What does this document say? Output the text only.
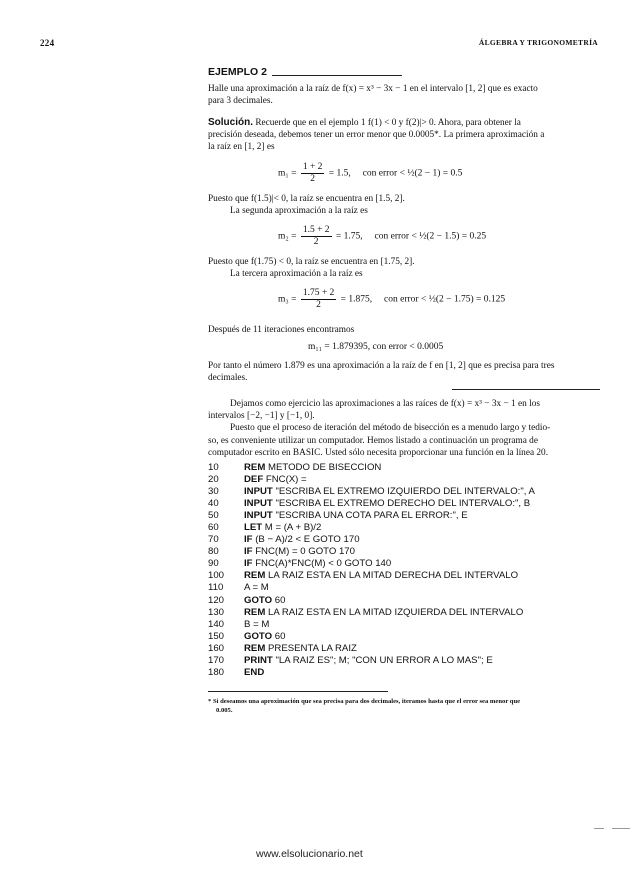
224	ÁLGEBRA Y TRIGONOMETRÍA
EJEMPLO 2
Halle una aproximación a la raíz de f(x) = x³ − 3x − 1 en el intervalo [1, 2] que es exacto
para 3 decimales.
Solución. Recuerde que en el ejemplo 1 f(1) < 0 y f(2)|> 0. Ahora, para obtener la
precisión deseada, debemos tener un error menor que 0.0005*. La primera aproximación a
la raíz en [1, 2] es
$m_1 = \frac{1 + 2}{2} = 1.5$, con error < ½(2 − 1) = 0.5
Puesto que f(1.5)|< 0, la raíz se encuentra en [1.5, 2].
La segunda aproximación a la raíz es
$m_2 = \frac{1.5 + 2}{2} = 1.75$, con error < ½(2 − 1.5) = 0.25
Puesto que f(1.75) < 0, la raíz se encuentra en [1.75, 2].
La tercera aproximación a la raíz es
$m_3 = \frac{1.75 + 2}{2} = 1.875$, con error < ½(2 − 1.75) = 0.125
Después de 11 iteraciones encontramos
m₁₁ = 1.879395, con error < 0.0005
Por tanto el número 1.879 es una aproximación a la raíz de f en [1, 2] que es precisa para tres
decimales.
Dejamos como ejercicio las aproximaciones a las raíces de f(x) = x³ − 3x − 1 en los
intervalos [−2, −1] y [−1, 0].
Puesto que el proceso de iteración del método de bisección es a menudo largo y tedio-
so, es conveniente utilizar un computador. Hemos listado a continuación un programa de
computador escrito en BASIC. Usted sólo necesita proporcionar una función en la línea 20.
10	REM METODO DE BISECCION
20	DEF FNC(X) =
30	INPUT "ESCRIBA EL EXTREMO IZQUIERDO DEL INTERVALO:", A
40	INPUT "ESCRIBA EL EXTREMO DERECHO DEL INTERVALO:", B
50	INPUT "ESCRIBA UNA COTA PARA EL ERROR:", E
60	LET M = (A + B)/2
70	IF (B − A)/2 < E GOTO 170
80	IF FNC(M) = 0 GOTO 170
90	IF FNC(A)*FNC(M) < 0 GOTO 140
100 REM LA RAIZ ESTA EN LA MITAD DERECHA DEL INTERVALO
110 A = M
120 GOTO 60
130 REM LA RAIZ ESTA EN LA MITAD IZQUIERDA DEL INTERVALO
140 B = M
150 GOTO 60
160 REM PRESENTA LA RAIZ
170 PRINT "LA RAIZ ES"; M; "CON UN ERROR A LO MAS"; E
180 END
* Si deseamos una aproximación que sea precisa para dos decimales, iteramos hasta que el error sea menor que
0.005.
www.elsolucionario.net
